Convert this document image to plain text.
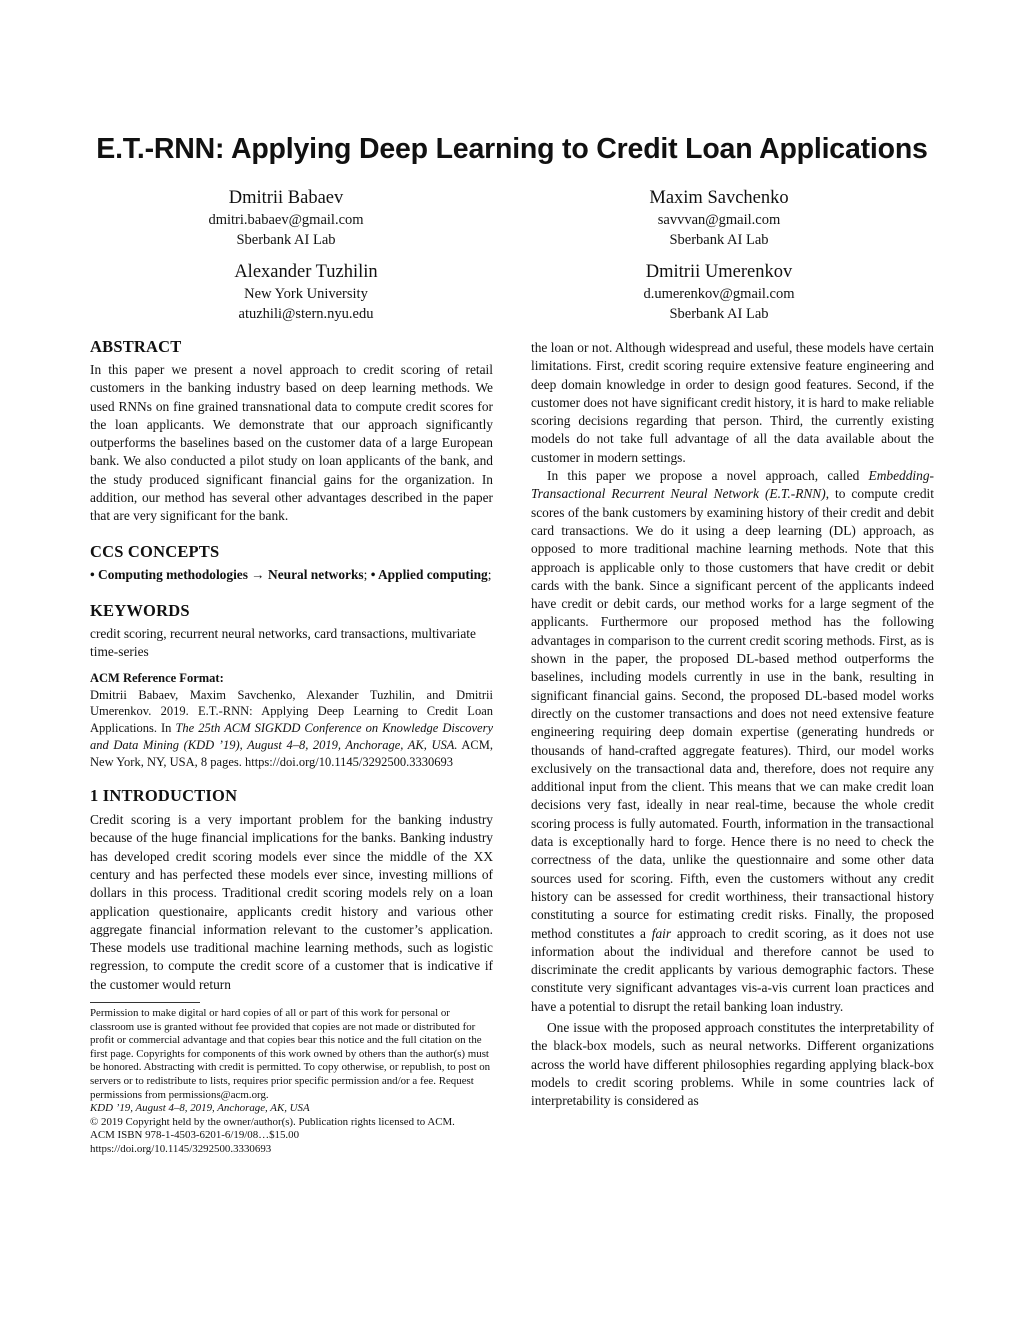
E.T.-RNN: Applying Deep Learning to Credit Loan Applications
Dmitrii Babaev
dmitri.babaev@gmail.com
Sberbank AI Lab
Maxim Savchenko
savvvan@gmail.com
Sberbank AI Lab
Alexander Tuzhilin
New York University
atuzhili@stern.nyu.edu
Dmitrii Umerenkov
d.umerenkov@gmail.com
Sberbank AI Lab
ABSTRACT

In this paper we present a novel approach to credit scoring of retail customers in the banking industry based on deep learning methods. We used RNNs on fine grained transnational data to compute credit scores for the loan applicants. We demonstrate that our approach significantly outperforms the baselines based on the customer data of a large European bank. We also conducted a pilot study on loan applicants of the bank, and the study produced significant financial gains for the organization. In addition, our method has several other advantages described in the paper that are very significant for the bank.

CCS CONCEPTS

• Computing methodologies → Neural networks; • Applied computing;

KEYWORDS

credit scoring, recurrent neural networks, card transactions, multivariate time-series

ACM Reference Format:

Dmitrii Babaev, Maxim Savchenko, Alexander Tuzhilin, and Dmitrii Umerenkov. 2019. E.T.-RNN: Applying Deep Learning to Credit Loan Applications. In The 25th ACM SIGKDD Conference on Knowledge Discovery and Data Mining (KDD ’19), August 4–8, 2019, Anchorage, AK, USA. ACM, New York, NY, USA, 8 pages. https://doi.org/10.1145/3292500.3330693

1 INTRODUCTION

Credit scoring is a very important problem for the banking industry because of the huge financial implications for the banks. Banking industry has developed credit scoring models ever since the middle of the XX century and has perfected these models ever since, investing millions of dollars in this process. Traditional credit scoring models rely on a loan application questionaire, applicants credit history and various other aggregate financial information relevant to the customer’s application. These models use traditional machine learning methods, such as logistic regression, to compute the credit score of a customer that is indicative if the customer would return

Permission to make digital or hard copies of all or part of this work for personal or classroom use is granted without fee provided that copies are not made or distributed for profit or commercial advantage and that copies bear this notice and the full citation on the first page. Copyrights for components of this work owned by others than the author(s) must be honored. Abstracting with credit is permitted. To copy otherwise, or republish, to post on servers or to redistribute to lists, requires prior specific permission and/or a fee. Request permissions from permissions@acm.org.
KDD ’19, August 4–8, 2019, Anchorage, AK, USA
© 2019 Copyright held by the owner/author(s). Publication rights licensed to ACM.
ACM ISBN 978-1-4503-6201-6/19/08…$15.00
https://doi.org/10.1145/3292500.3330693

the loan or not. Although widespread and useful, these models have certain limitations. First, credit scoring require extensive feature engineering and deep domain knowledge in order to design good features. Second, if the customer does not have significant credit history, it is hard to make reliable scoring decisions regarding that person. Third, the currently existing models do not take full advantage of all the data available about the customer in modern settings.

In this paper we propose a novel approach, called Embedding-Transactional Recurrent Neural Network (E.T.-RNN), to compute credit scores of the bank customers by examining history of their credit and debit card transactions. We do it using a deep learning (DL) approach, as opposed to more traditional machine learning methods. Note that this approach is applicable only to those customers that have credit or debit cards with the bank. Since a significant percent of the applicants indeed have credit or debit cards, our method works for a large segment of the applicants. Furthermore our proposed method has the following advantages in comparison to the current credit scoring methods. First, as is shown in the paper, the proposed DL-based method outperforms the baselines, including models currently in use in the bank, resulting in significant financial gains. Second, the proposed DL-based model works directly on the customer transactions and does not need extensive feature engineering requiring deep domain expertise (generating hundreds or thousands of hand-crafted aggregate features). Third, our model works exclusively on the transactional data and, therefore, does not require any additional input from the client. This means that we can make credit loan decisions very fast, ideally in near real-time, because the whole credit scoring process is fully automated. Fourth, information in the transactional data is exceptionally hard to forge. Hence there is no need to check the correctness of the data, unlike the questionnaire and some other data sources used for scoring. Fifth, even the customers without any credit history can be assessed for credit worthiness, their transactional history constituting a source for estimating credit risks. Finally, the proposed method constitutes a fair approach to credit scoring, as it does not use information about the individual and therefore cannot be used to discriminate the credit applicants by various demographic factors. These constitute very significant advantages vis-a-vis current loan practices and have a potential to disrupt the retail banking loan industry.

One issue with the proposed approach constitutes the interpretability of the black-box models, such as neural networks. Different organizations across the world have different philosophies regarding applying black-box models to credit scoring problems. While in some countries lack of interpretability is considered as
